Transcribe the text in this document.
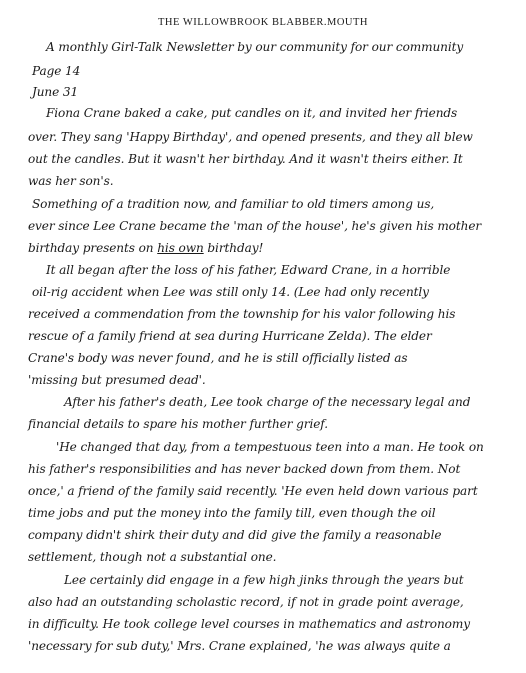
THE WILLOWBROOK BLABBER.MOUTH
A monthly Girl-Talk Newsletter by our community for our community
Page 14
June 31
Fiona Crane baked a cake, put candles on it, and invited her friends
over. They sang 'Happy Birthday', and opened presents, and they all blew
out the candles. But it wasn't her birthday. And it wasn't theirs either. It
was her son's.
Something of a tradition now, and familiar to old timers among us,
ever since Lee Crane became the 'man of the house', he's given his mother
birthday presents on his own birthday!
It all began after the loss of his father, Edward Crane, in a horrible
oil-rig accident when Lee was still only 14. (Lee had only recently
received a commendation from the township for his valor following his
rescue of a family friend at sea during Hurricane Zelda). The elder
Crane's body was never found, and he is still officially listed as
'missing but presumed dead'.
After his father's death, Lee took charge of the necessary legal and
financial details to spare his mother further grief.
'He changed that day, from a tempestuous teen into a man. He took on
his father's responsibilities and has never backed down from them. Not
once,' a friend of the family said recently. 'He even held down various part
time jobs and put the money into the family till, even though the oil
company didn't shirk their duty and did give the family a reasonable
settlement, though not a substantial one.
Lee certainly did engage in a few high jinks through the years but
also had an outstanding scholastic record, if not in grade point average,
in difficulty. He took college level courses in mathematics and astronomy
'necessary for sub duty,' Mrs. Crane explained, 'he was always quite a
